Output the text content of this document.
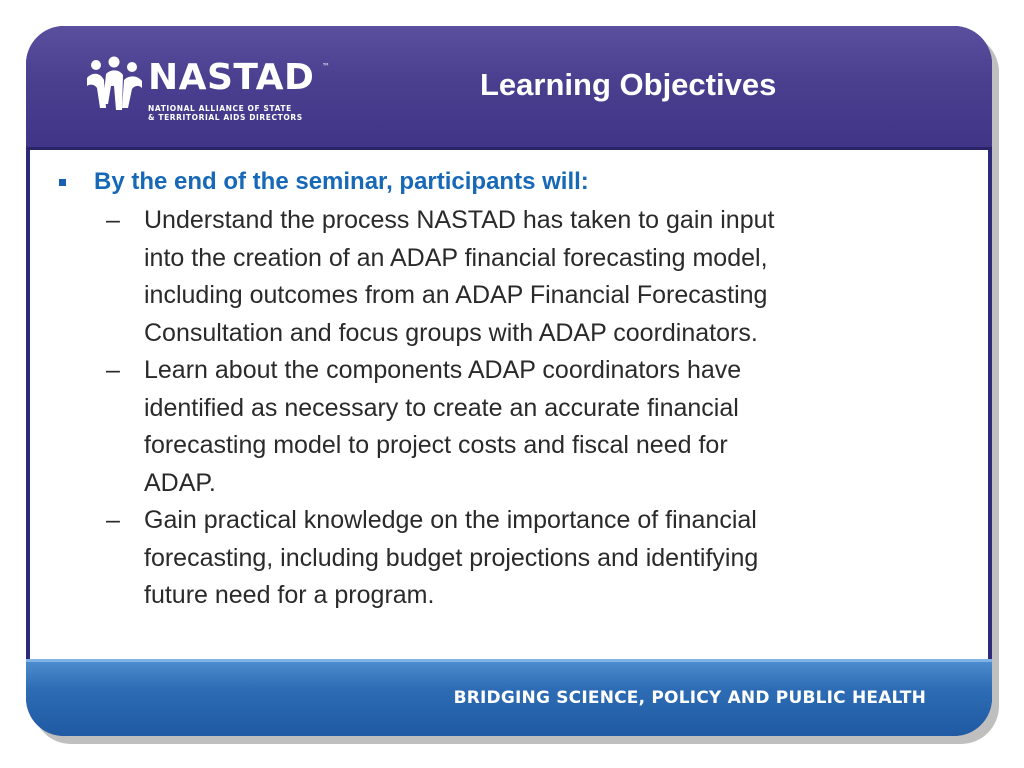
NASTAD ™
NATIONAL ALLIANCE OF STATE
& TERRITORIAL AIDS DIRECTORS
BRIDGING SCIENCE, POLICY AND PUBLIC HEALTH
Learning Objectives
By the end of the seminar, participants will:
– Understand the process NASTAD has taken to gain input
into the creation of an ADAP financial forecasting model,
including outcomes from an ADAP Financial Forecasting
Consultation and focus groups with ADAP coordinators.
– Learn about the components ADAP coordinators have
identified as necessary to create an accurate financial
forecasting model to project costs and fiscal need for
ADAP.
– Gain practical knowledge on the importance of financial
forecasting, including budget projections and identifying
future need for a program.
